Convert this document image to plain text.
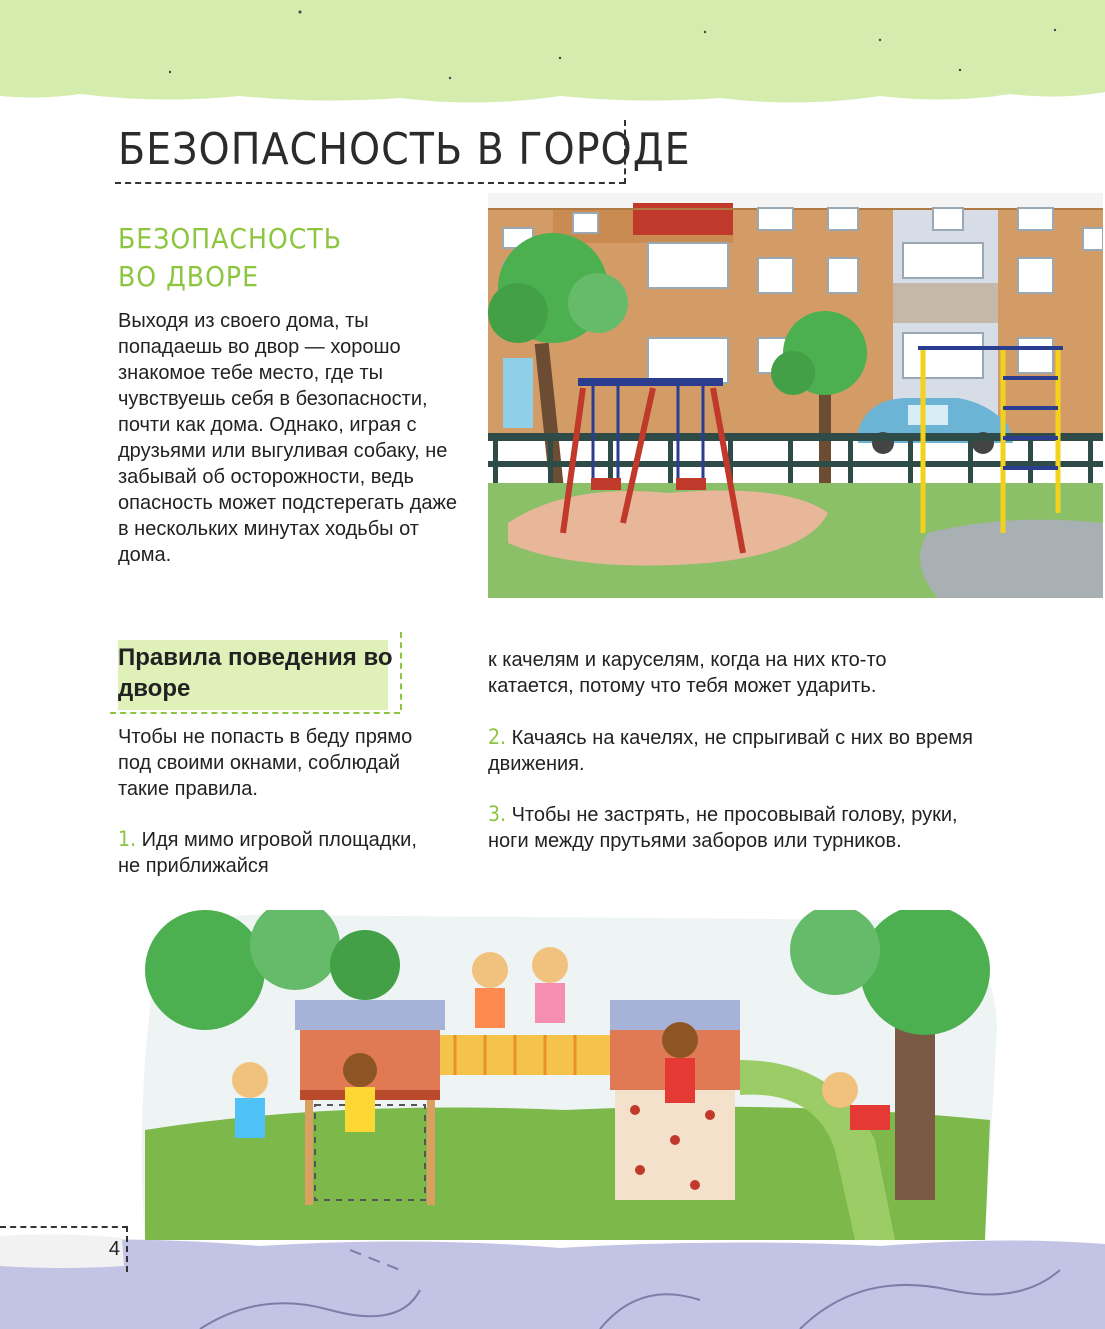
БЕЗОПАСНОСТЬ В ГОРОДЕ
БЕЗОПАСНОСТЬ
ВО ДВОРЕ
Выходя из своего дома, ты попадаешь во двор — хорошо знакомое тебе место, где ты чувствуешь себя в безопасности, почти как дома. Однако, играя с друзьями или выгуливая собаку, не забывай об осторожности, ведь опасность может подстерегать даже в нескольких минутах ходьбы от дома.
Правила поведения во дворе
Чтобы не попасть в беду прямо под своими окнами, соблюдай такие правила.
1. Идя мимо игровой площадки, не приближайся
к качелям и каруселям, когда на них кто-то катается, потому что тебя может ударить.
2. Качаясь на качелях, не спрыгивай с них во время движения.
3. Чтобы не застрять, не просовывай голову, руки, ноги между прутьями заборов или турников.
4
